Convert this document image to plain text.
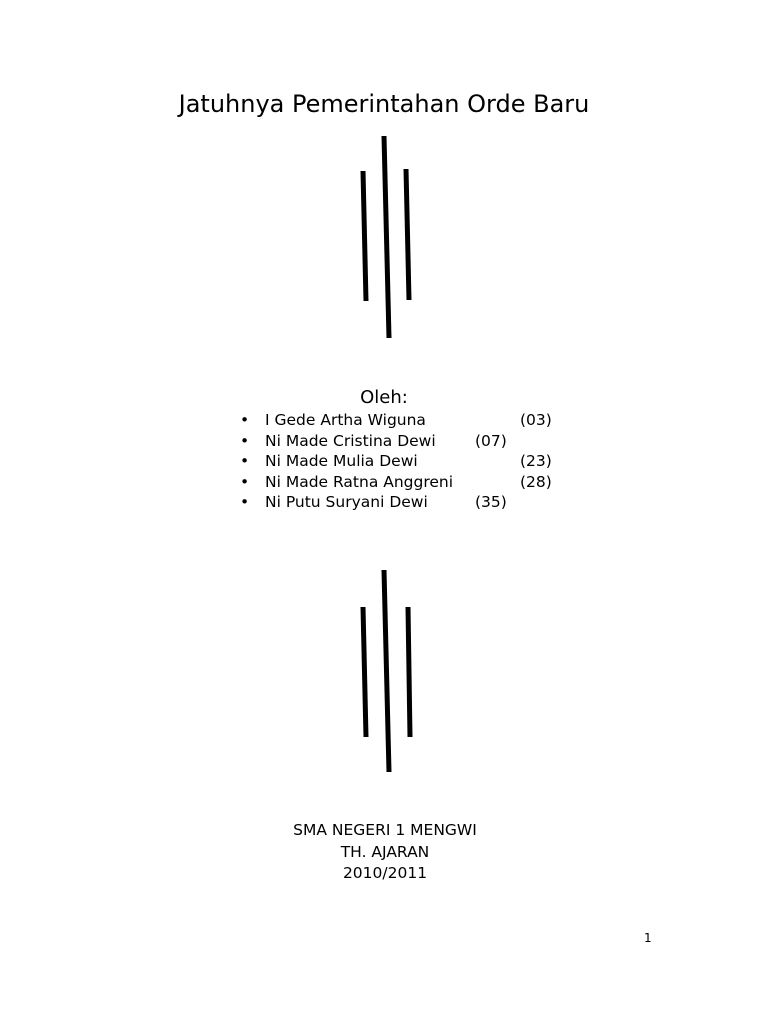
Jatuhnya Pemerintahan Orde Baru
Oleh:
• I Gede Artha Wiguna	(03)
• Ni Made Cristina Dewi	(07)
• Ni Made Mulia Dewi	(23)
• Ni Made Ratna Anggreni	(28)
• Ni Putu Suryani Dewi	(35)
SMA NEGERI 1 MENGWI
TH. AJARAN
2010/2011
1
